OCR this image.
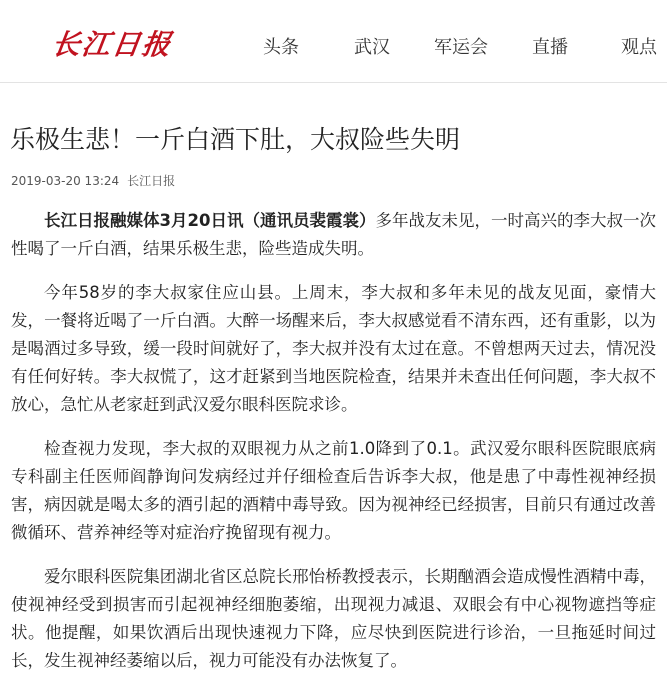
长江日报	头条	武汉 军运会 直播	观点
乐极生悲！一斤白酒下肚，大叔险些失明
2019-03-20 13:24 长江日报

长江日报融媒体3月20日讯（通讯员裴霞裳）多年战友未见，一时高兴的李大叔一次性喝了一斤白酒，结果乐极生悲，险些造成失明。

今年58岁的李大叔家住应山县。上周末，李大叔和多年未见的战友见面，豪情大发，一餐将近喝了一斤白酒。大醉一场醒来后，李大叔感觉看不清东西，还有重影，以为是喝酒过多导致，缓一段时间就好了，李大叔并没有太过在意。不曾想两天过去，情况没有任何好转。李大叔慌了，这才赶紧到当地医院检查，结果并未查出任何问题，李大叔不放心，急忙从老家赶到武汉爱尔眼科医院求诊。

检查视力发现，李大叔的双眼视力从之前1.0降到了0.1。武汉爱尔眼科医院眼底病专科副主任医师阎静询问发病经过并仔细检查后告诉李大叔，他是患了中毒性视神经损害，病因就是喝太多的酒引起的酒精中毒导致。因为视神经已经损害，目前只有通过改善微循环、营养神经等对症治疗挽留现有视力。

爱尔眼科医院集团湖北省区总院长邢怡桥教授表示，长期酗酒会造成慢性酒精中毒，使视神经受到损害而引起视神经细胞萎缩，出现视力减退、双眼会有中心视物遮挡等症状。他提醒，如果饮酒后出现快速视力下降，应尽快到医院进行诊治，一旦拖延时间过长，发生视神经萎缩以后，视力可能没有办法恢复了。
